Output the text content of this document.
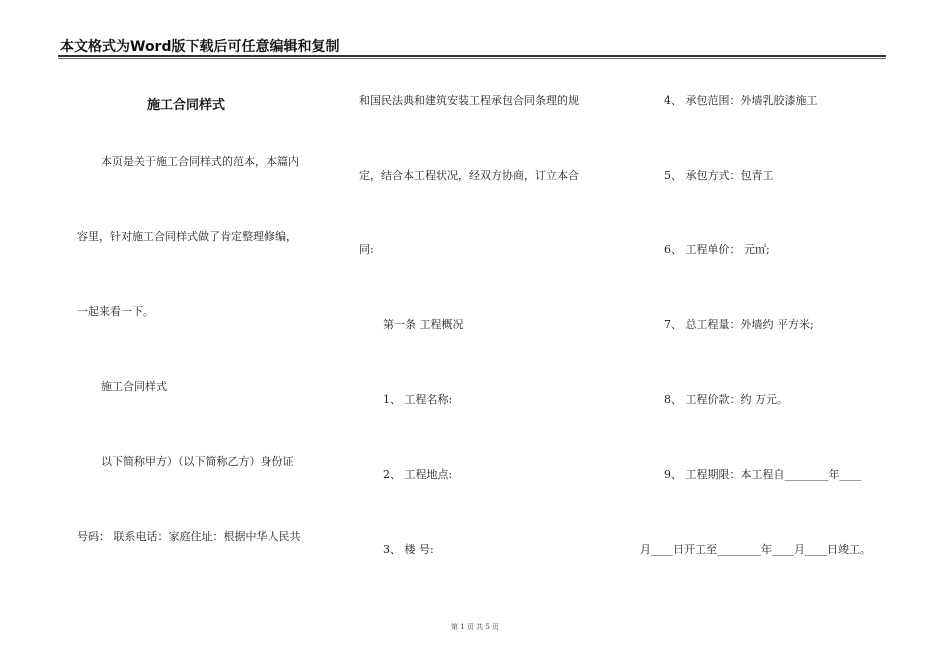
本文格式为Word版下载后可任意编辑和复制
施工合同样式
本页是关于施工合同样式的范本，本篇内
容里，针对施工合同样式做了肯定整理修编，
一起来看一下。
施工合同样式
以下简称甲方）（以下简称乙方）身份证
号码： 联系电话：家庭住址：根据中华人民共
和国民法典和建筑安装工程承包合同条理的规
定，结合本工程状况，经双方协商，订立本合
同:
第一条 工程概况
1、 工程名称:
2、 工程地点:
3、 楼 号:
4、 承包范围：外墙乳胶漆施工
5、 承包方式：包青工
6、 工程单价： 元㎡;
7、 总工程量：外墙约 平方米;
8、 工程价款：约 万元。
9、 工程期限：本工程自________年____
月____日开工至________年____月____日竣工。
第 1 页 共 5 页
